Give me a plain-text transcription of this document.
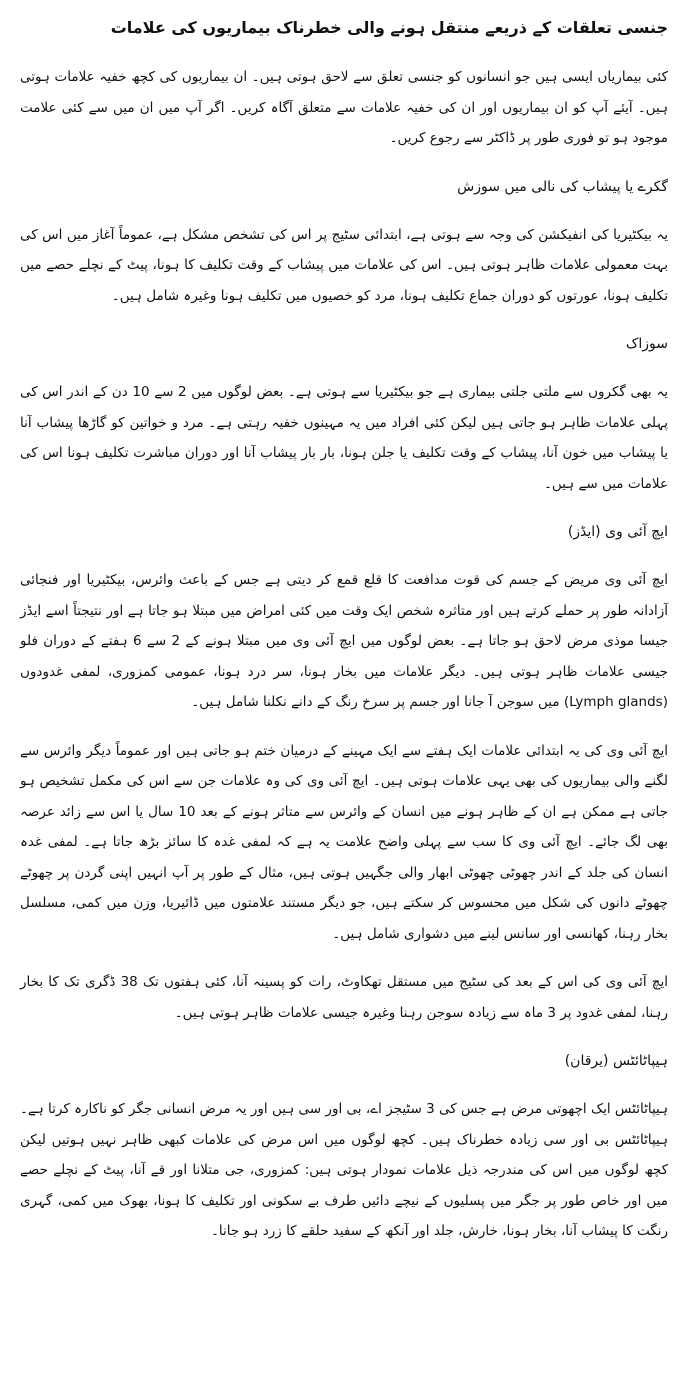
جنسی تعلقات کے ذریعے منتقل ہونے والی خطرناک بیماریوں کی علامات

کئی بیماریاں ایسی ہیں جو انسانوں کو جنسی تعلق سے لاحق ہوتی ہیں۔ ان بیماریوں کی کچھ خفیہ علامات ہوتی ہیں۔ آیئے آپ کو ان بیماریوں اور ان کی خفیہ علامات سے متعلق آگاہ کریں۔ اگر آپ میں ان میں سے کئی علامت موجود ہو تو فوری طور پر ڈاکٹر سے رجوع کریں۔

گکرے یا پیشاب کی نالی میں سوزش

یہ بیکٹیریا کی انفیکشن کی وجہ سے ہوتی ہے، ابتدائی سٹیج پر اس کی تشخص مشکل ہے، عموماً آغاز میں اس کی بہت معمولی علامات ظاہر ہوتی ہیں۔ اس کی علامات میں پیشاب کے وقت تکلیف کا ہونا، پیٹ کے نچلے حصے میں تکلیف ہونا، عورتوں کو دوران جماع تکلیف ہونا، مرد کو خصیوں میں تکلیف ہونا وغیرہ شامل ہیں۔

سوزاک

یہ بھی گکروں سے ملتی جلتی بیماری ہے جو بیکٹیریا سے ہوتی ہے۔ بعض لوگوں میں 2 سے 10 دن کے اندر اس کی پہلی علامات ظاہر ہو جاتی ہیں لیکن کئی افراد میں یہ مہینوں خفیہ رہتی ہے۔ مرد و خواتین کو گاڑھا پیشاب آنا یا پیشاب میں خون آنا، پیشاب کے وقت تکلیف یا جلن ہونا، بار بار پیشاب آنا اور دوران مباشرت تکلیف ہونا اس کی علامات میں سے ہیں۔

ایچ آئی وی (ایڈز)

ایچ آئی وی مریض کے جسم کی قوت مدافعت کا قلع قمع کر دیتی ہے جس کے باعث وائرس، بیکٹیریا اور فنجائی آزادانہ طور پر حملے کرتے ہیں اور متاثرہ شخص ایک وقت میں کئی امراض میں مبتلا ہو جاتا ہے اور نتیجتاً اسے ایڈز جیسا موذی مرض لاحق ہو جاتا ہے۔ بعض لوگوں میں ایچ آئی وی میں مبتلا ہونے کے 2 سے 6 ہفتے کے دوران فلو جیسی علامات ظاہر ہوتی ہیں۔ دیگر علامات میں بخار ہونا، سر درد ہونا، عمومی کمزوری، لمفی غدودوں (Lymph glands) میں سوجن آ جانا اور جسم پر سرخ رنگ کے دانے نکلنا شامل ہیں۔

ایچ آئی وی کی یہ ابتدائی علامات ایک ہفتے سے ایک مہینے کے درمیان ختم ہو جاتی ہیں اور عموماً دیگر وائرس سے لگنے والی بیماریوں کی بھی یہی علامات ہوتی ہیں۔ ایچ آئی وی کی وہ علامات جن سے اس کی مکمل تشخیص ہو جاتی ہے ممکن ہے ان کے ظاہر ہونے میں انسان کے وائرس سے متاثر ہونے کے بعد 10 سال یا اس سے زائد عرصہ بھی لگ جائے۔ ایچ آئی وی کا سب سے پہلی واضح علامت یہ ہے کہ لمفی غدہ کا سائز بڑھ جاتا ہے۔ لمفی غدہ انسان کی جلد کے اندر چھوٹی چھوٹی ابھار والی جگہیں ہوتی ہیں، مثال کے طور پر آپ انہیں اپنی گردن پر چھوٹے چھوٹے دانوں کی شکل میں محسوس کر سکتے ہیں، جو دیگر مستند علامتوں میں ڈائیریا، وزن میں کمی، مسلسل بخار رہنا، کھانسی اور سانس لینے میں دشواری شامل ہیں۔

ایچ آئی وی کی اس کے بعد کی سٹیج میں مستقل تھکاوٹ، رات کو پسینہ آنا، کئی ہفتوں تک 38 ڈگری تک کا بخار رہنا، لمفی غدود پر 3 ماہ سے زیادہ سوجن رہنا وغیرہ جیسی علامات ظاہر ہوتی ہیں۔

ہیپاٹائٹس (یرقان)

ہیپاٹائٹس ایک اچھوتی مرض ہے جس کی 3 سٹیجز اے، بی اور سی ہیں اور یہ مرض انسانی جگر کو ناکارہ کرتا ہے۔ ہیپاٹائٹس بی اور سی زیادہ خطرناک ہیں۔ کچھ لوگوں میں اس مرض کی علامات کبھی ظاہر نہیں ہوتیں لیکن کچھ لوگوں میں اس کی مندرجہ ذیل علامات نمودار ہوتی ہیں: کمزوری، جی متلانا اور قے آنا، پیٹ کے نچلے حصے میں اور خاص طور پر جگر میں پسلیوں کے نیچے دائیں طرف بے سکونی اور تکلیف کا ہونا، بھوک میں کمی، گہری رنگت کا پیشاب آنا، بخار ہونا، خارش، جلد اور آنکھ کے سفید حلقے کا زرد ہو جانا۔
